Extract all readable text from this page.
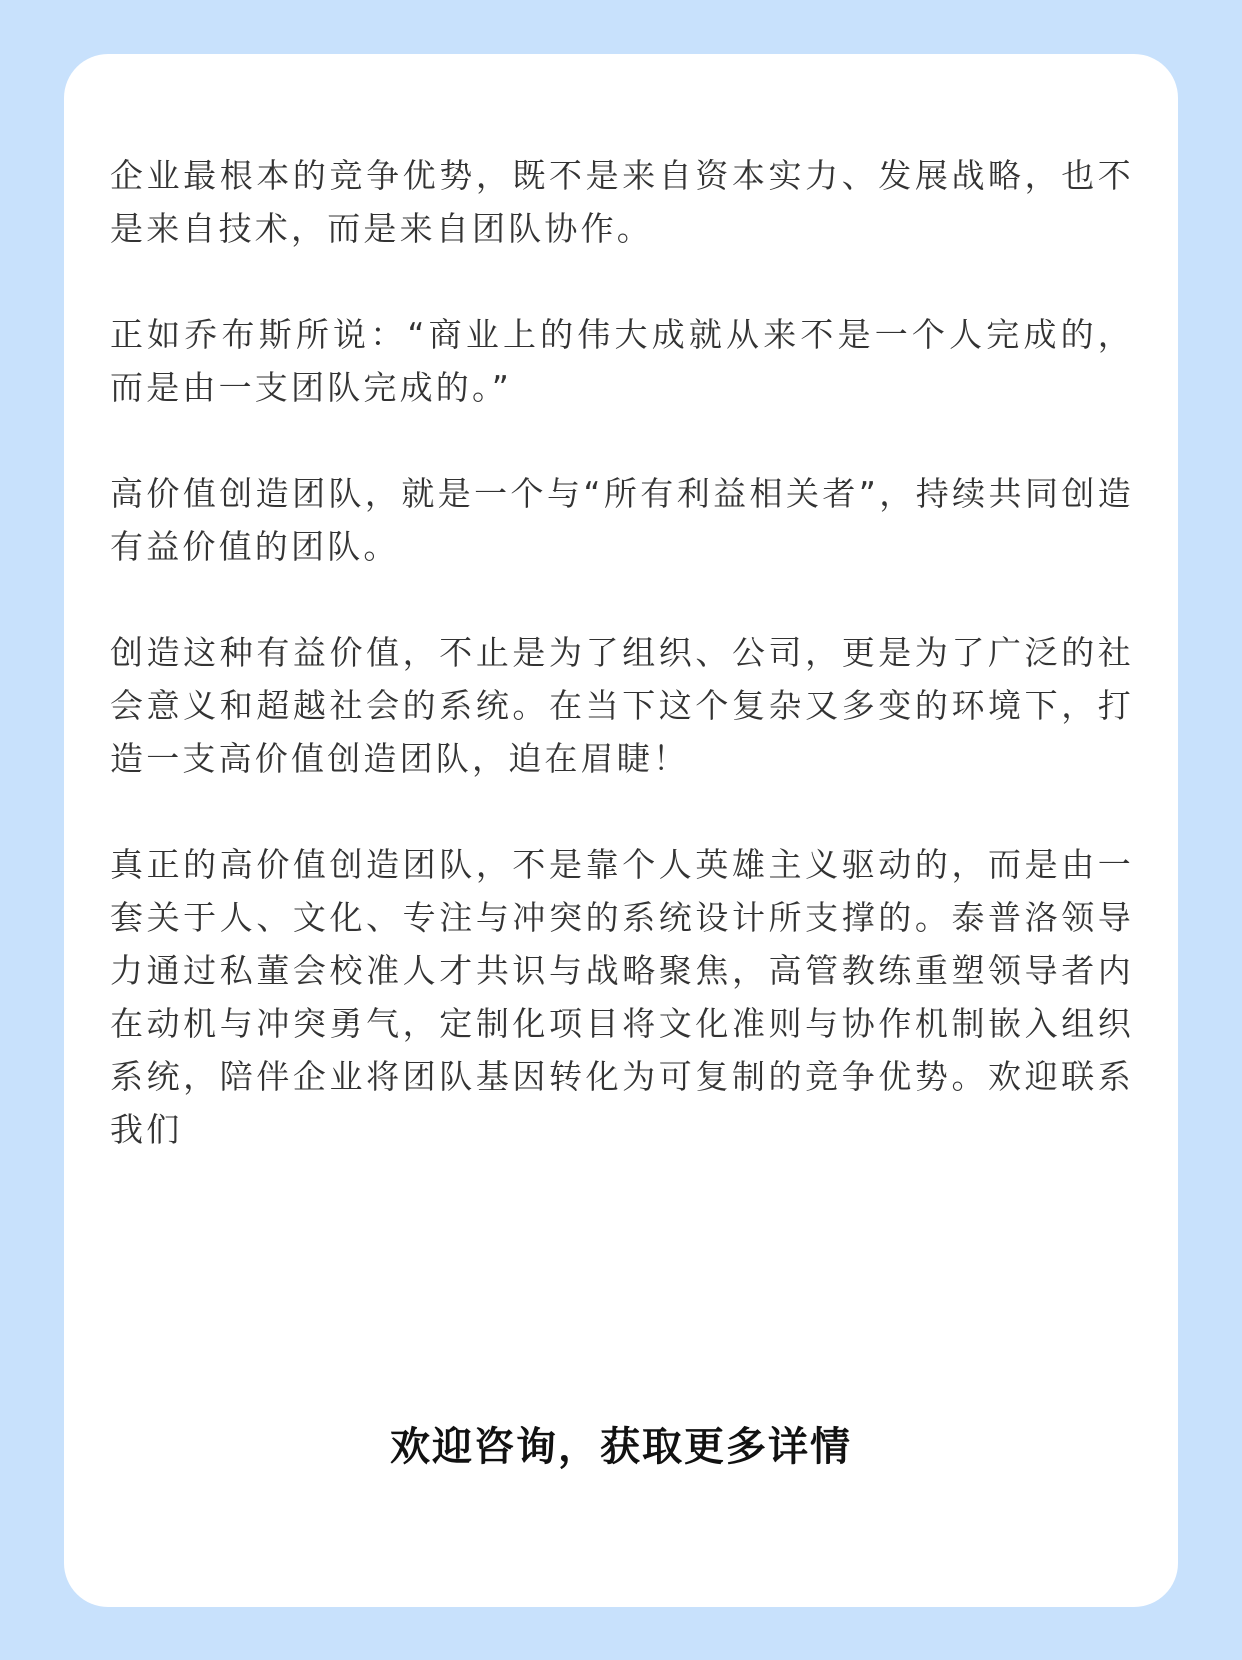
企业最根本的竞争优势，既不是来自资本实力、发展战略，也不是来自技术，而是来自团队协作。

正如乔布斯所说：“商业上的伟大成就从来不是一个人完成的，而是由一支团队完成的。”

高价值创造团队，就是一个与“所有利益相关者”，持续共同创造有益价值的团队。

创造这种有益价值，不止是为了组织、公司，更是为了广泛的社会意义和超越社会的系统。在当下这个复杂又多变的环境下，打造一支高价值创造团队，迫在眉睫！

真正的高价值创造团队，不是靠个人英雄主义驱动的，而是由一套关于人、文化、专注与冲突的系统设计所支撑的。泰普洛领导力通过私董会校准人才共识与战略聚焦，高管教练重塑领导者内在动机与冲突勇气，定制化项目将文化准则与协作机制嵌入组织系统，陪伴企业将团队基因转化为可复制的竞争优势。欢迎联系我们

欢迎咨询，获取更多详情
